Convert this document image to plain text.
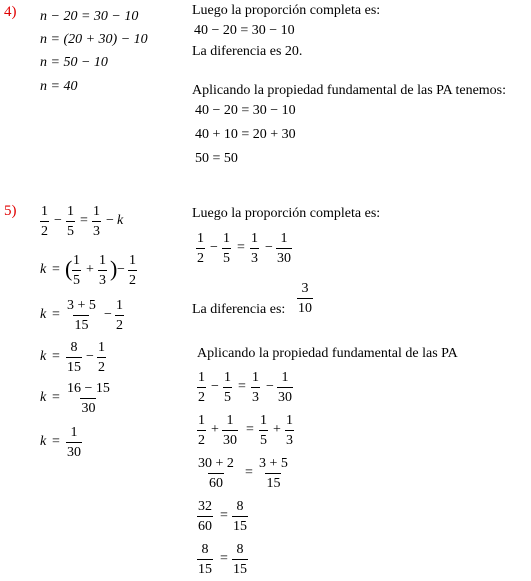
4) n − 20 = 30 − 10
n = (20 + 30) − 10
n = 50 − 10
n = 40
Luego la proporción completa es:
40 − 20 = 30 − 10
La diferencia es 20.
Aplicando la propiedad fundamental de las PA tenemos:
40 − 20 = 30 − 10
40 + 10 = 20 + 30
50 = 50
$5) \frac{1}{2} - \frac{1}{5} = \frac{1}{3} - k$
k = ( $\frac{1}{5} + \frac{1}{3}$ ) − $\frac{1}{2}$
$k = \frac{3 + 5}{15} - \frac{1}{2}$
$k = \frac{8}{15} - \frac{1}{2}$
$k = \frac{16 - 15}{30}$
$k = \frac{1}{30}$
Luego la proporción completa es:
$\frac{1}{2} - \frac{1}{5} = \frac{1}{3} - \frac{1}{30}$
La diferencia es: $\frac{3}{10}$
Aplicando la propiedad fundamental de las PA
$\frac{1}{2} - \frac{1}{5} = \frac{1}{3} - \frac{1}{30}$
$\frac{1}{2} + \frac{1}{30} = \frac{1}{5} + \frac{1}{3}$
$\frac{30 + 2}{60} = \frac{3 + 5}{15}$
$\frac{32}{60} = \frac{8}{15}$
$\frac{8}{15} = \frac{8}{15}$
